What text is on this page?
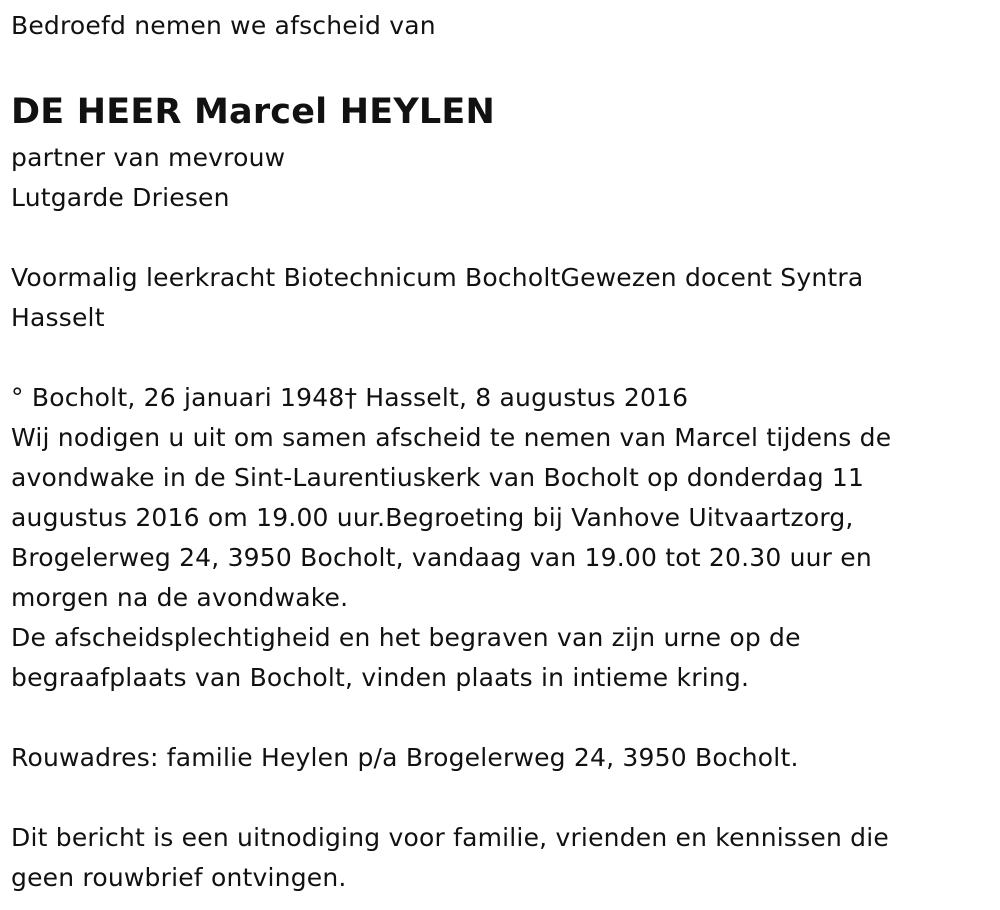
Bedroefd nemen we afscheid van
DE HEER Marcel HEYLEN
partner van mevrouw
Lutgarde Driesen
Voormalig leerkracht Biotechnicum BocholtGewezen docent Syntra
Hasselt
° Bocholt, 26 januari 1948† Hasselt, 8 augustus 2016
Wij nodigen u uit om samen afscheid te nemen van Marcel tijdens de
avondwake in de Sint-Laurentiuskerk van Bocholt op donderdag 11
augustus 2016 om 19.00 uur.Begroeting bij Vanhove Uitvaartzorg,
Brogelerweg 24, 3950 Bocholt, vandaag van 19.00 tot 20.30 uur en
morgen na de avondwake.
De afscheidsplechtigheid en het begraven van zijn urne op de
begraafplaats van Bocholt, vinden plaats in intieme kring.
Rouwadres: familie Heylen p/a Brogelerweg 24, 3950 Bocholt.
Dit bericht is een uitnodiging voor familie, vrienden en kennissen die
geen rouwbrief ontvingen.
